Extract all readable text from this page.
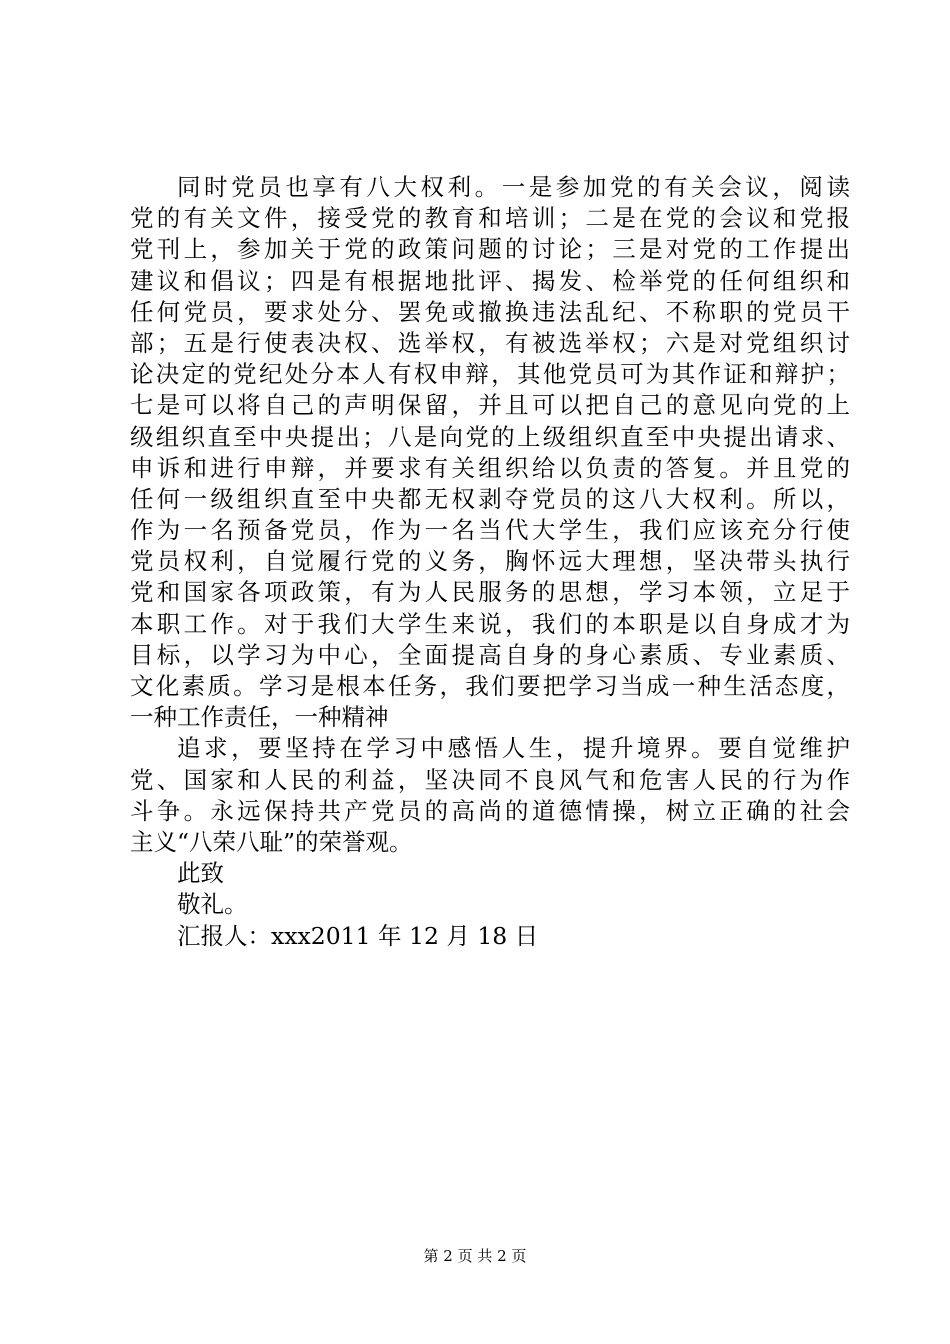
同时党员也享有八大权利。一是参加党的有关会议，阅读
党的有关文件，接受党的教育和培训；二是在党的会议和党报
党刊上，参加关于党的政策问题的讨论；三是对党的工作提出
建议和倡议；四是有根据地批评、揭发、检举党的任何组织和
任何党员，要求处分、罢免或撤换违法乱纪、不称职的党员干
部；五是行使表决权、选举权，有被选举权；六是对党组织讨
论决定的党纪处分本人有权申辩，其他党员可为其作证和辩护；
七是可以将自己的声明保留，并且可以把自己的意见向党的上
级组织直至中央提出；八是向党的上级组织直至中央提出请求、
申诉和进行申辩，并要求有关组织给以负责的答复。并且党的
任何一级组织直至中央都无权剥夺党员的这八大权利。所以，
作为一名预备党员，作为一名当代大学生，我们应该充分行使
党员权利，自觉履行党的义务，胸怀远大理想，坚决带头执行
党和国家各项政策，有为人民服务的思想，学习本领，立足于
本职工作。对于我们大学生来说，我们的本职是以自身成才为
目标，以学习为中心，全面提高自身的身心素质、专业素质、
文化素质。学习是根本任务，我们要把学习当成一种生活态度，
一种工作责任，一种精神
追求，要坚持在学习中感悟人生，提升境界。要自觉维护
党、国家和人民的利益，坚决同不良风气和危害人民的行为作
斗争。永远保持共产党员的高尚的道德情操，树立正确的社会
主义“八荣八耻”的荣誉观。
此致
敬礼。
汇报人：xxx2011 年 12 月 18 日
第 2 页 共 2 页
